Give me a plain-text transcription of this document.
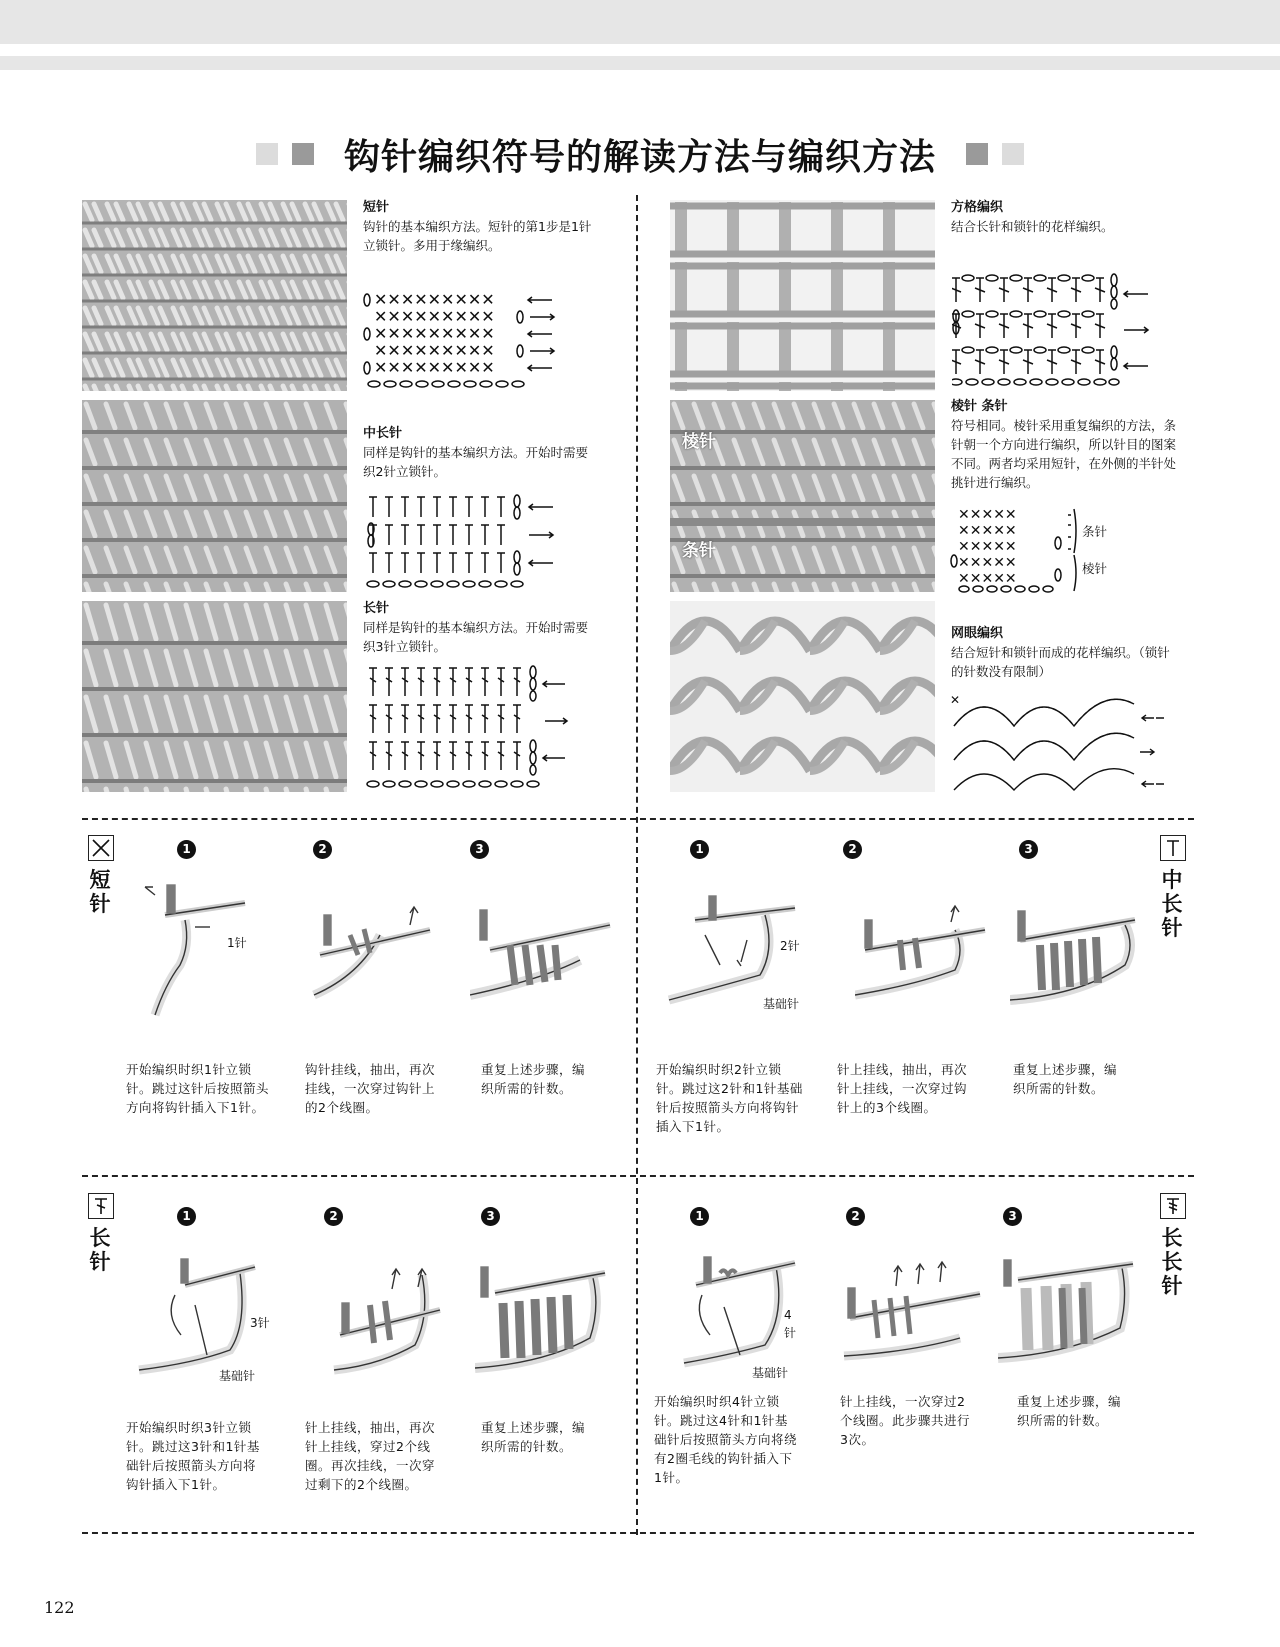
钩针编织符号的解读方法与编织方法
短针
钩针的基本编织方法。短针的第1步是1针
立锁针。多用于缘编织。
中长针
同样是钩针的基本编织方法。开始时需要
织2针立锁针。
长针
同样是钩针的基本编织方法。开始时需要
织3针立锁针。
✕✕✕✕✕✕✕✕✕
✕✕✕✕✕✕✕✕✕
✕✕✕✕✕✕✕✕✕
✕✕✕✕✕✕✕✕✕
✕✕✕✕✕✕✕✕✕
棱针
条针
方格编织
结合长针和锁针的花样编织。
棱针 条针
符号相同。棱针采用重复编织的方法，条
针朝一个方向进行编织，所以针目的图案
不同。两者均采用短针，在外侧的半针处
挑针进行编织。
网眼编织
结合短针和锁针而成的花样编织。（锁针
的针数没有限制）
✕✕✕✕✕
✕✕✕✕✕
✕✕✕✕✕
✕✕✕✕✕
✕✕✕✕✕
条针
棱针
✕
短
针
1	2	3
1针
开始编织时织1针立锁
针。跳过这针后按照箭头
方向将钩针插入下1针。
钩针挂线，抽出，再次
挂线，一次穿过钩针上
的2个线圈。
重复上述步骤，编
织所需的针数。
中
长
针
1	2	3
2针
基础针
开始编织时织2针立锁
针。跳过这2针和1针基础
针后按照箭头方向将钩针
插入下1针。
针上挂线，抽出，再次
针上挂线，一次穿过钩
针上的3个线圈。
重复上述步骤，编
织所需的针数。
长
针
1	2	3
3针
基础针
开始编织时织3针立锁
针。跳过这3针和1针基
础针后按照箭头方向将
钩针插入下1针。
针上挂线，抽出，再次
针上挂线，穿过2个线
圈。再次挂线，一次穿
过剩下的2个线圈。
重复上述步骤，编
织所需的针数。
长
长
针
1	2	3
4
针
基础针
开始编织时织4针立锁
针。跳过这4针和1针基
础针后按照箭头方向将绕
有2圈毛线的钩针插入下
1针。
针上挂线，一次穿过2
个线圈。此步骤共进行
3次。
重复上述步骤，编
织所需的针数。
122
